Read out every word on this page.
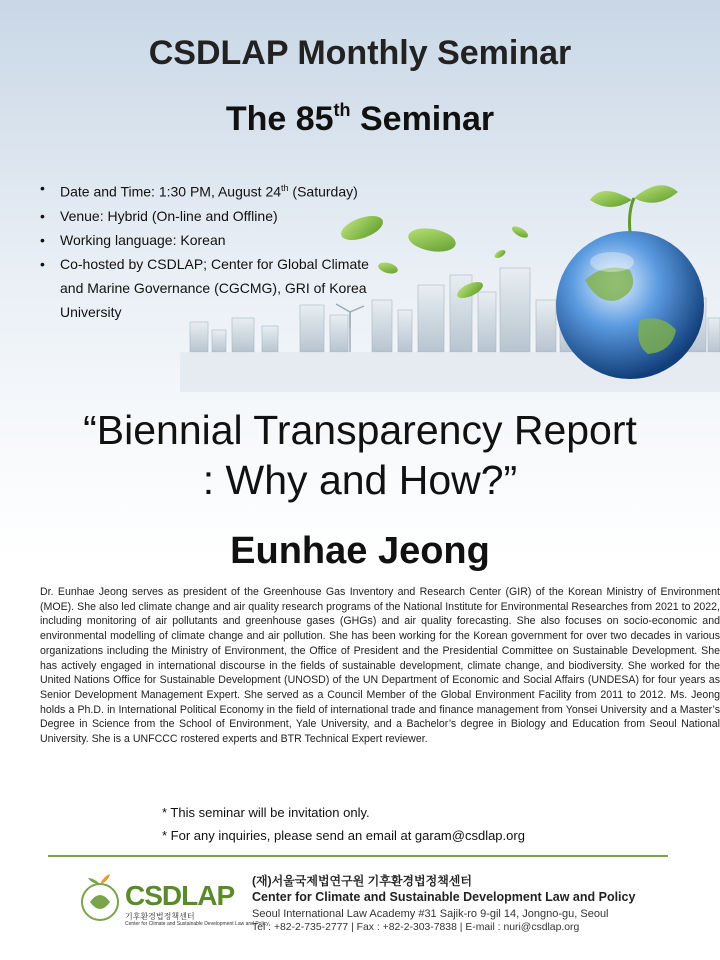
CSDLAP Monthly Seminar
The 85th Seminar
• Date and Time: 1:30 PM, August 24th (Saturday)
• Venue: Hybrid (On-line and Offline)
• Working language: Korean
• Co-hosted by CSDLAP; Center for Global Climate
and Marine Governance (CGCMG), GRI of Korea
University
“Biennial Transparency Report
: Why and How?”
Eunhae Jeong
Dr. Eunhae Jeong serves as president of the Greenhouse Gas Inventory and Research Center (GIR) of the Korean Ministry of Environment (MOE). She also led climate change and air quality research programs of the National Institute for Environmental Researches from 2021 to 2022, including monitoring of air pollutants and greenhouse gases (GHGs) and air quality forecasting. She also focuses on socio-economic and environmental modelling of climate change and air pollution. She has been working for the Korean government for over two decades in various organizations including the Ministry of Environment, the Office of President and the Presidential Committee on Sustainable Development. She has actively engaged in international discourse in the fields of sustainable development, climate change, and biodiversity. She worked for the United Nations Office for Sustainable Development (UNOSD) of the UN Department of Economic and Social Affairs (UNDESA) for four years as Senior Development Management Expert. She served as a Council Member of the Global Environment Facility from 2011 to 2012. Ms. Jeong holds a Ph.D. in International Political Economy in the field of international trade and finance management from Yonsei University and a Master’s Degree in Science from the School of Environment, Yale University, and a Bachelor’s degree in Biology and Education from Seoul National University. She is a UNFCCC rostered experts and BTR Technical Expert reviewer.
* This seminar will be invitation only.
* For any inquiries, please send an email at garam@csdlap.org
CSDLAP
기후환경법정책센터
Center for Climate and Sustainable Development Law and Policy
(재)서울국제법연구원 기후환경법정책센터
Center for Climate and Sustainable Development Law and Policy
Seoul International Law Academy #31 Sajik-ro 9-gil 14, Jongno-gu, Seoul
Tel : +82-2-735-2777 | Fax : +82-2-303-7838 | E-mail : nuri@csdlap.org
